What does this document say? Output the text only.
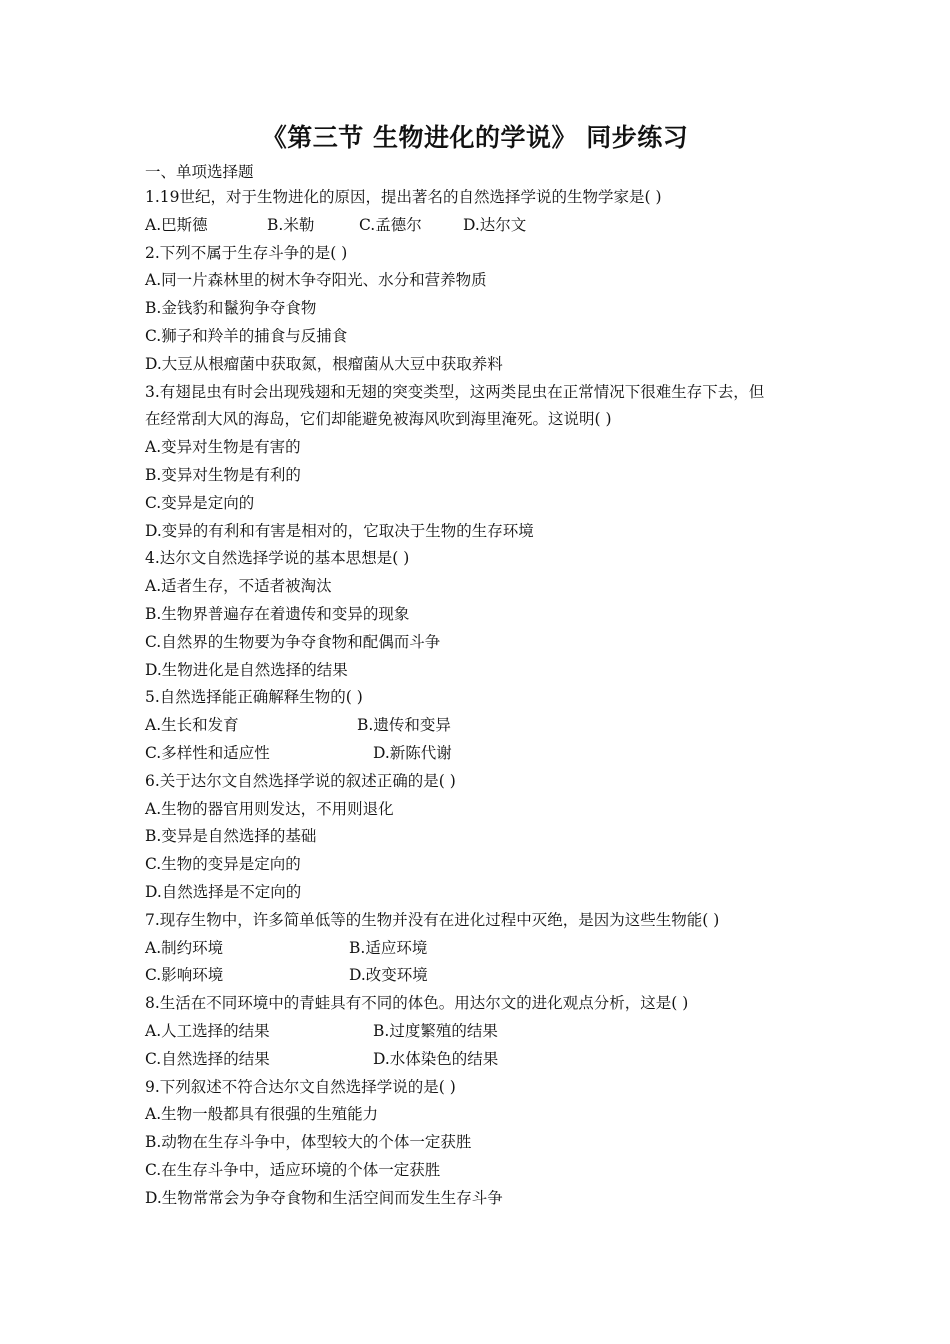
《第三节 生物进化的学说》 同步练习
一、单项选择题
1.19世纪，对于生物进化的原因，提出著名的自然选择学说的生物学家是( )
A.巴斯德	B.米勒	C.孟德尔	D.达尔文
2.下列不属于生存斗争的是( )
A.同一片森林里的树木争夺阳光、水分和营养物质
B.金钱豹和鬣狗争夺食物
C.狮子和羚羊的捕食与反捕食
D.大豆从根瘤菌中获取氮，根瘤菌从大豆中获取养料
3.有翅昆虫有时会出现残翅和无翅的突变类型，这两类昆虫在正常情况下很难生存下去，但
在经常刮大风的海岛，它们却能避免被海风吹到海里淹死。这说明( )
A.变异对生物是有害的
B.变异对生物是有利的
C.变异是定向的
D.变异的有利和有害是相对的，它取决于生物的生存环境
4.达尔文自然选择学说的基本思想是( )
A.适者生存，不适者被淘汰
B.生物界普遍存在着遗传和变异的现象
C.自然界的生物要为争夺食物和配偶而斗争
D.生物进化是自然选择的结果
5.自然选择能正确解释生物的( )
A.生长和发育	B.遗传和变异
C.多样性和适应性	D.新陈代谢
6.关于达尔文自然选择学说的叙述正确的是( )
A.生物的器官用则发达，不用则退化
B.变异是自然选择的基础
C.生物的变异是定向的
D.自然选择是不定向的
7.现存生物中，许多简单低等的生物并没有在进化过程中灭绝，是因为这些生物能( )
A.制约环境	B.适应环境
C.影响环境	D.改变环境
8.生活在不同环境中的青蛙具有不同的体色。用达尔文的进化观点分析，这是( )
A.人工选择的结果	B.过度繁殖的结果
C.自然选择的结果	D.水体染色的结果
9.下列叙述不符合达尔文自然选择学说的是( )
A.生物一般都具有很强的生殖能力
B.动物在生存斗争中，体型较大的个体一定获胜
C.在生存斗争中，适应环境的个体一定获胜
D.生物常常会为争夺食物和生活空间而发生生存斗争
